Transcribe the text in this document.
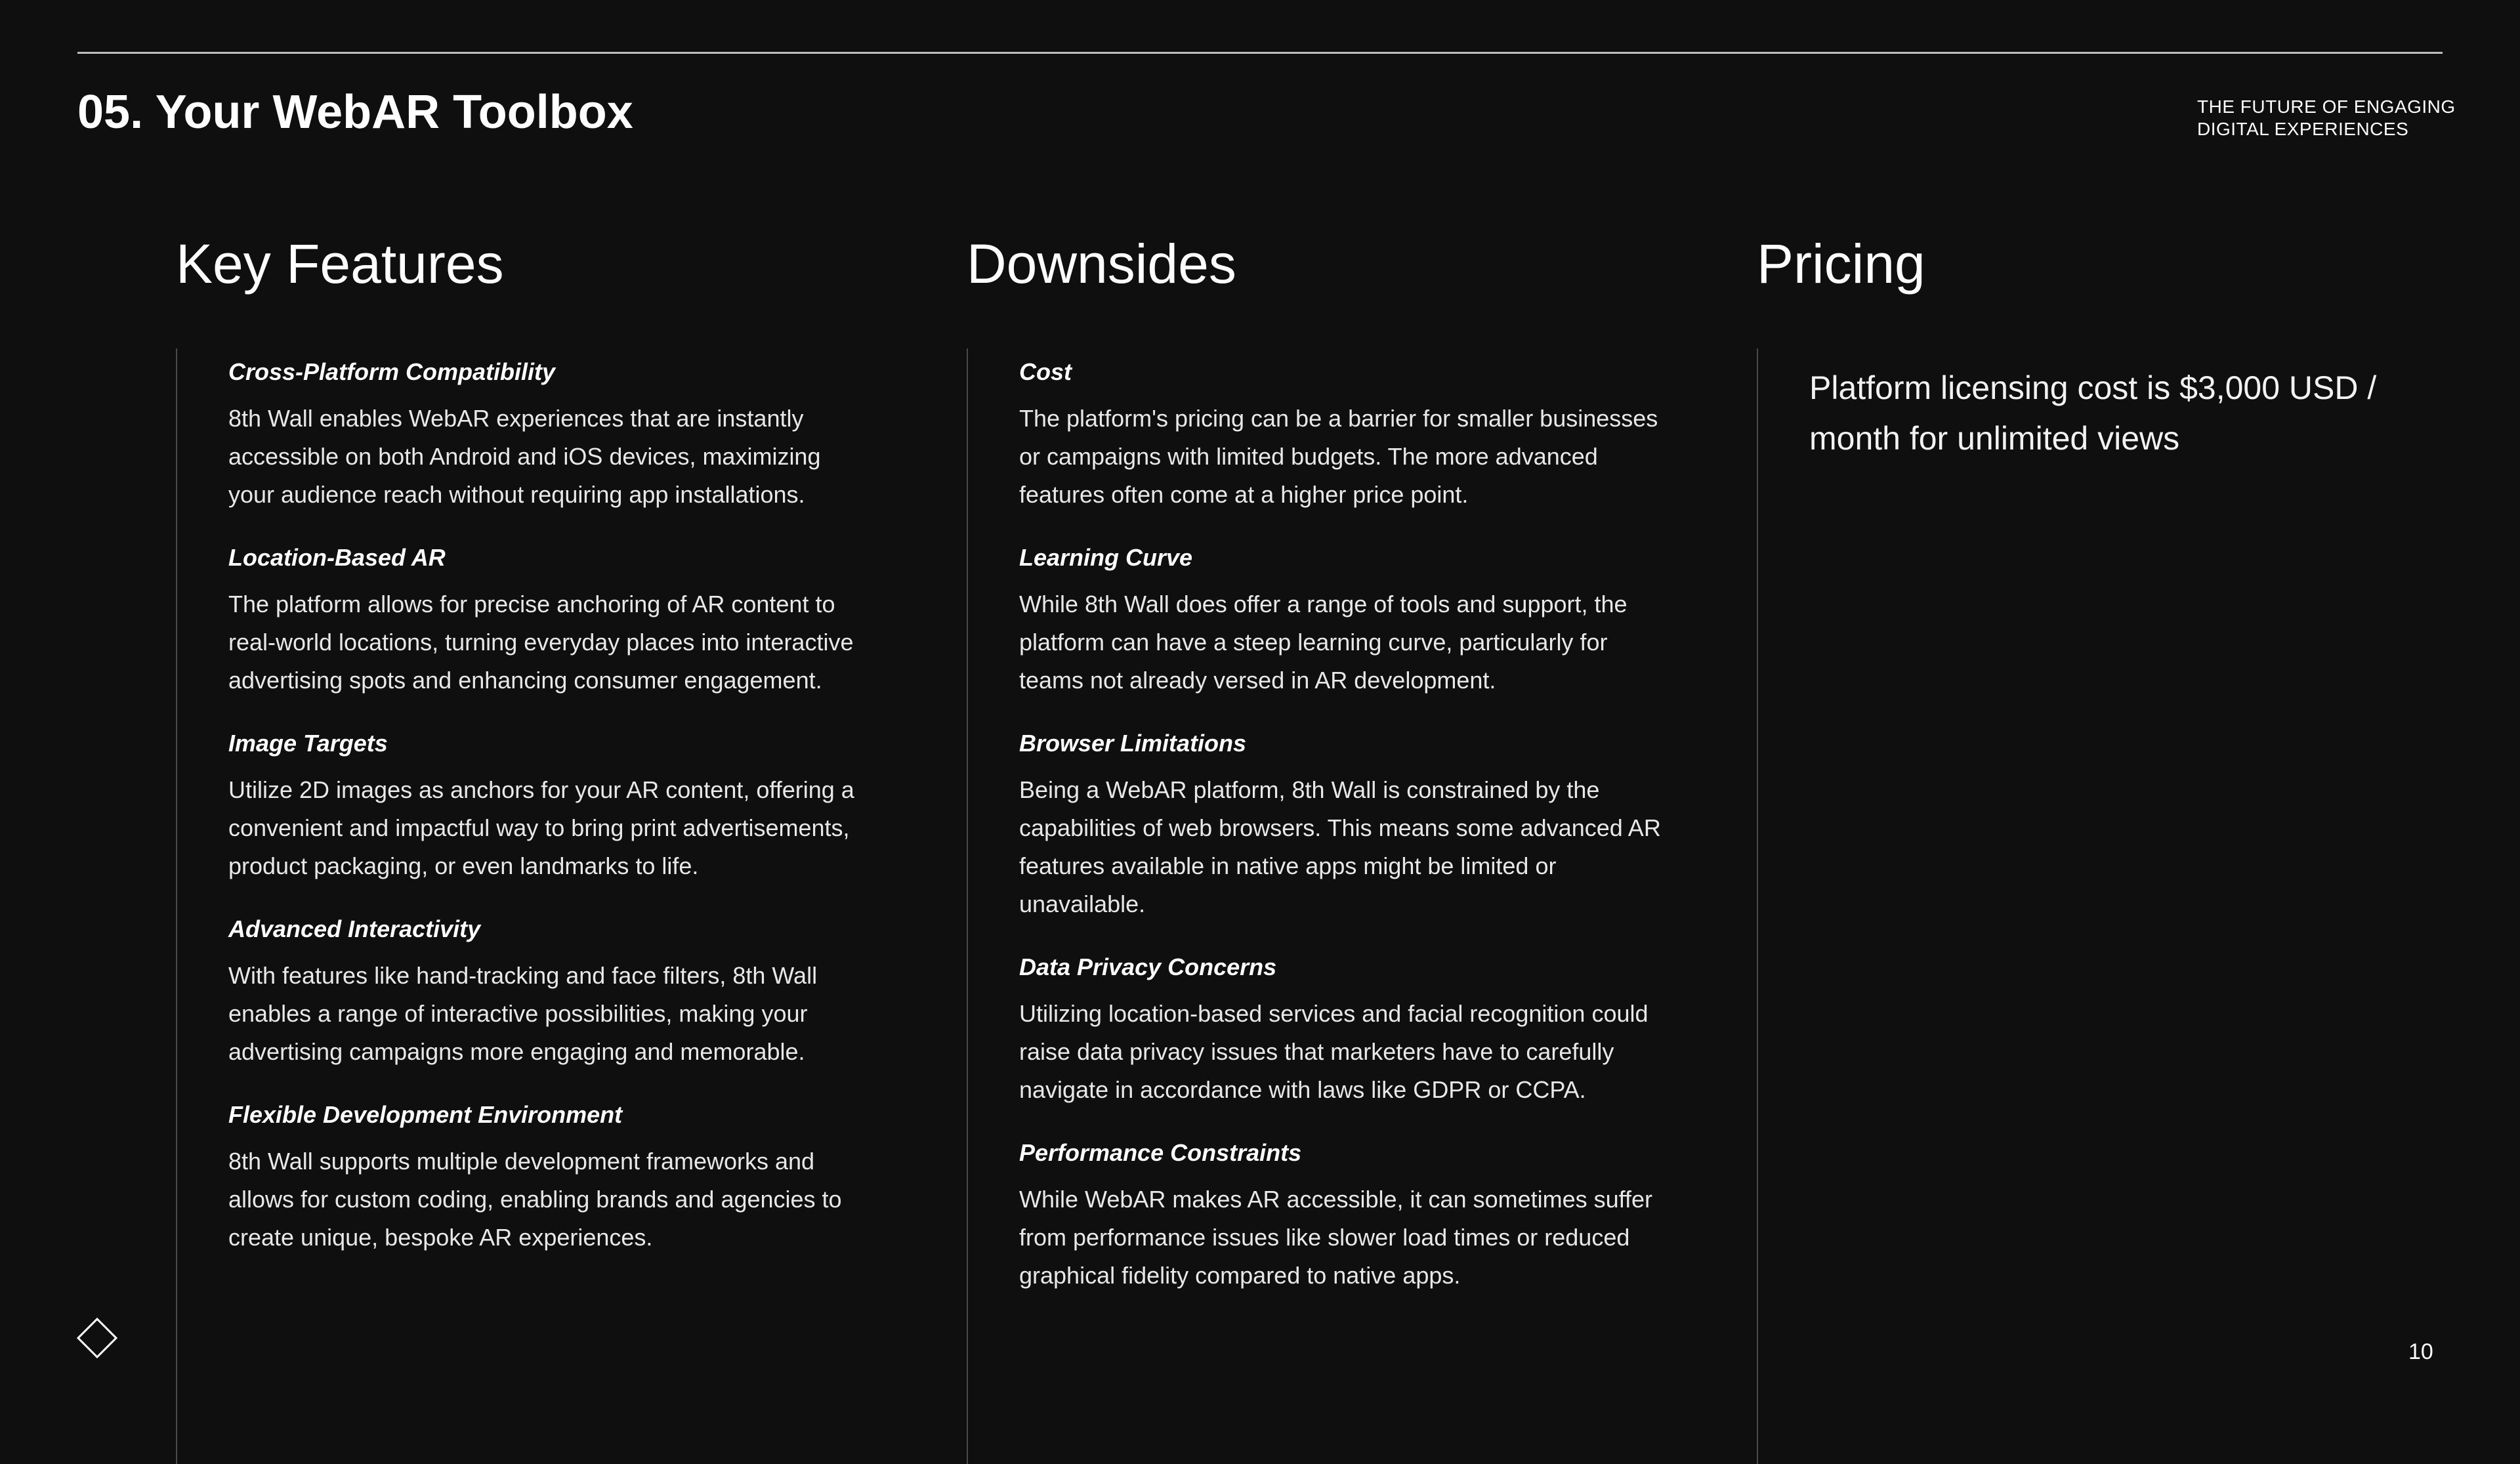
05. Your WebAR Toolbox	THE FUTURE OF ENGAGING
DIGITAL EXPERIENCES
Key Features
Cross-Platform Compatibility

8th Wall enables WebAR experiences that are instantly accessible on both Android and iOS devices, maximizing your audience reach without requiring app installations.

Location-Based AR

The platform allows for precise anchoring of AR content to real-world locations, turning everyday places into interactive advertising spots and enhancing consumer engagement.

Image Targets

Utilize 2D images as anchors for your AR content, offering a convenient and impactful way to bring print advertisements, product packaging, or even landmarks to life.

Advanced Interactivity

With features like hand-tracking and face filters, 8th Wall enables a range of interactive possibilities, making your advertising campaigns more engaging and memorable.

Flexible Development Environment

8th Wall supports multiple development frameworks and allows for custom coding, enabling brands and agencies to create unique, bespoke AR experiences.

Downsides
Cost

The platform's pricing can be a barrier for smaller businesses or campaigns with limited budgets. The more advanced features often come at a higher price point.

Learning Curve

While 8th Wall does offer a range of tools and support, the platform can have a steep learning curve, particularly for teams not already versed in AR development.

Browser Limitations

Being a WebAR platform, 8th Wall is constrained by the capabilities of web browsers. This means some advanced AR features available in native apps might be limited or unavailable.

Data Privacy Concerns

Utilizing location-based services and facial recognition could raise data privacy issues that marketers have to carefully navigate in accordance with laws like GDPR or CCPA.

Performance Constraints

While WebAR makes AR accessible, it can sometimes suffer from performance issues like slower load times or reduced graphical fidelity compared to native apps.

Pricing

Platform licensing cost is $3,000 USD / month for unlimited views

10
